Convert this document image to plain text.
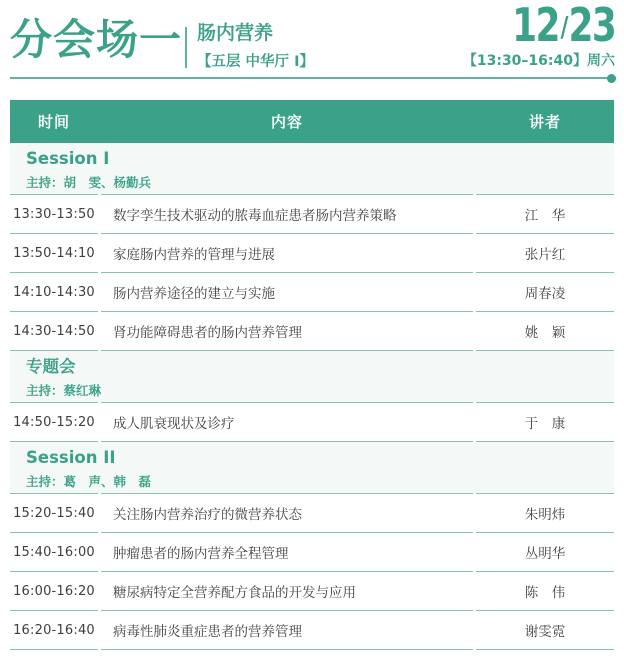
分会场一 肠内营养
【五层 中华厅 I】
12/23
【13:30–16:40】周六
时间	内容	讲者
Session I
主持：胡　雯、杨勤兵
13:30-13:50	数字孪生技术驱动的脓毒血症患者肠内营养策略	江　华
13:50-14:10	家庭肠内营养的管理与进展	张片红
14:10-14:30	肠内营养途径的建立与实施	周春凌
14:30-14:50	肾功能障碍患者的肠内营养管理	姚　颖
专题会
主持：蔡红琳
14:50-15:20	成人肌衰现状及诊疗	于　康
Session II
主持：葛　声、韩　磊
15:20-15:40	关注肠内营养治疗的微营养状态	朱明炜
15:40-16:00	肿瘤患者的肠内营养全程管理	丛明华
16:00-16:20	糖尿病特定全营养配方食品的开发与应用	陈　伟
16:20-16:40	病毒性肺炎重症患者的营养管理	谢雯霓
